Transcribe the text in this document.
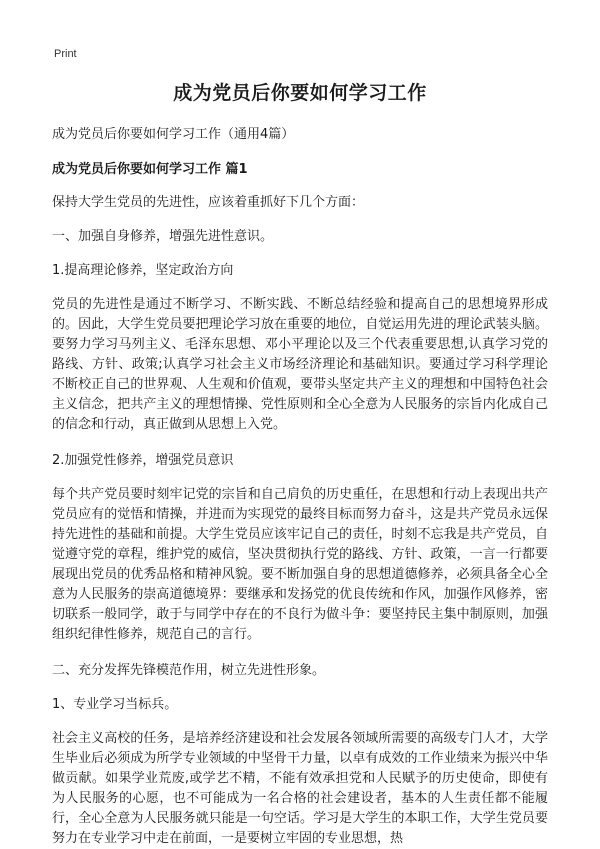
Print
成为党员后你要如何学习工作
成为党员后你要如何学习工作（通用4篇）
成为党员后你要如何学习工作 篇1
保持大学生党员的先进性，应该着重抓好下几个方面：
一、加强自身修养，增强先进性意识。
1.提高理论修养，坚定政治方向
党员的先进性是通过不断学习、不断实践、不断总结经验和提高自己的思想境界形成的。因此，大学生党员要把理论学习放在重要的地位，自觉运用先进的理论武装头脑。要努力学习马列主义、毛泽东思想、邓小平理论以及三个代表重要思想,认真学习党的路线、方针、政策;认真学习社会主义市场经济理论和基础知识。要通过学习科学理论不断校正自己的世界观、人生观和价值观，要带头坚定共产主义的理想和中国特色社会主义信念，把共产主义的理想情操、党性原则和全心全意为人民服务的宗旨内化成自己的信念和行动，真正做到从思想上入党。
2.加强党性修养，增强党员意识
每个共产党员要时刻牢记党的宗旨和自己肩负的历史重任，在思想和行动上表现出共产党员应有的觉悟和情操，并进而为实现党的最终目标而努力奋斗，这是共产党员永远保持先进性的基础和前提。大学生党员应该牢记自己的责任，时刻不忘我是共产党员，自觉遵守党的章程，维护党的威信，坚决贯彻执行党的路线、方针、政策，一言一行都要展现出党员的优秀品格和精神风貌。要不断加强自身的思想道德修养，必须具备全心全意为人民服务的崇高道德境界：要继承和发扬党的优良传统和作风，加强作风修养，密切联系一般同学，敢于与同学中存在的不良行为做斗争：要坚持民主集中制原则，加强组织纪律性修养，规范自己的言行。
二、充分发挥先锋模范作用，树立先进性形象。
1、专业学习当标兵。
社会主义高校的任务，是培养经济建设和社会发展各领域所需要的高级专门人才，大学生毕业后必须成为所学专业领域的中坚骨干力量，以卓有成效的工作业绩来为振兴中华做贡献。如果学业荒废,或学艺不精，不能有效承担党和人民赋予的历史使命，即使有为人民服务的心愿，也不可能成为一名合格的社会建设者，基本的人生责任都不能履行，全心全意为人民服务就只能是一句空话。学习是大学生的本职工作，大学生党员要努力在专业学习中走在前面，一是要树立牢固的专业思想，热
